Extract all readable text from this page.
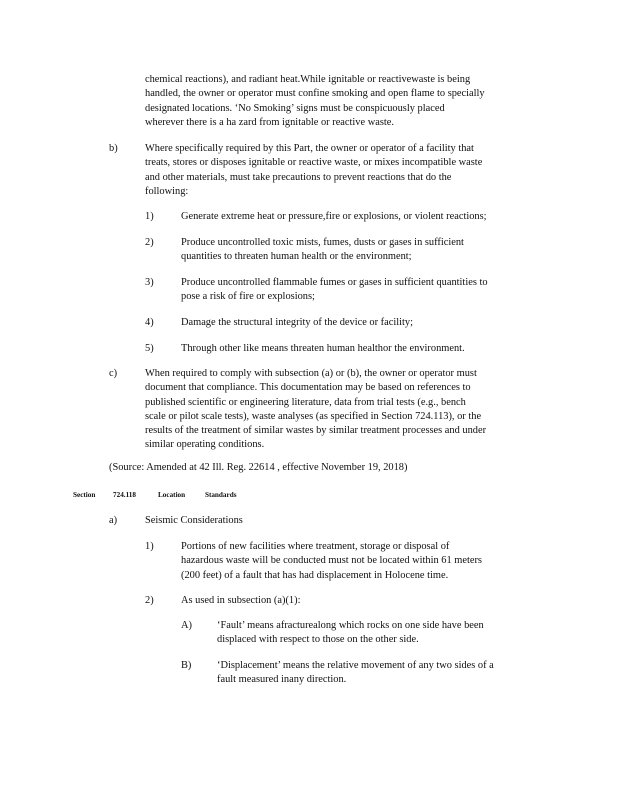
chemical reactions), and radiant heat.While ignitable or reactivewaste is being
handled, the owner or operator must confine smoking and open flame to specially
designated locations. ‘No Smoking’ signs must be conspicuously placed
wherever there is a ha zard from ignitable or reactive waste.
b)	Where specifically required by this Part, the owner or operator of a facility that
treats, stores or disposes ignitable or reactive waste, or mixes incompatible waste
and other materials, must take precautions to prevent reactions that do the
following:
1)	Generate extreme heat or pressure,fire or explosions, or violent reactions;
2)	Produce uncontrolled toxic mists, fumes, dusts or gases in sufficient
quantities to threaten human health or the environment;
3)	Produce uncontrolled flammable fumes or gases in sufficient quantities to
pose a risk of fire or explosions;
4)	Damage the structural integrity of the device or facility;
5)	Through other like means threaten human healthor the environment.
c)	When required to comply with subsection (a) or (b), the owner or operator must
document that compliance. This documentation may be based on references to
published scientific or engineering literature, data from trial tests (e.g., bench
scale or pilot scale tests), waste analyses (as specified in Section 724.113), or the
results of the treatment of similar wastes by similar treatment processes and under
similar operating conditions.
(Source: Amended at 42 Ill. Reg. 22614 , effective November 19, 2018)
Section 724.118	Location Standards
a)	Seismic Considerations
1)	Portions of new facilities where treatment, storage or disposal of
hazardous waste will be conducted must not be located within 61 meters
(200 feet) of a fault that has had displacement in Holocene time.
2)	As used in subsection (a)(1):
A) ‘Fault’ means afracturealong which rocks on one side have been
displaced with respect to those on the other side.
B) ‘Displacement’ means the relative movement of any two sides of a
fault measured inany direction.
